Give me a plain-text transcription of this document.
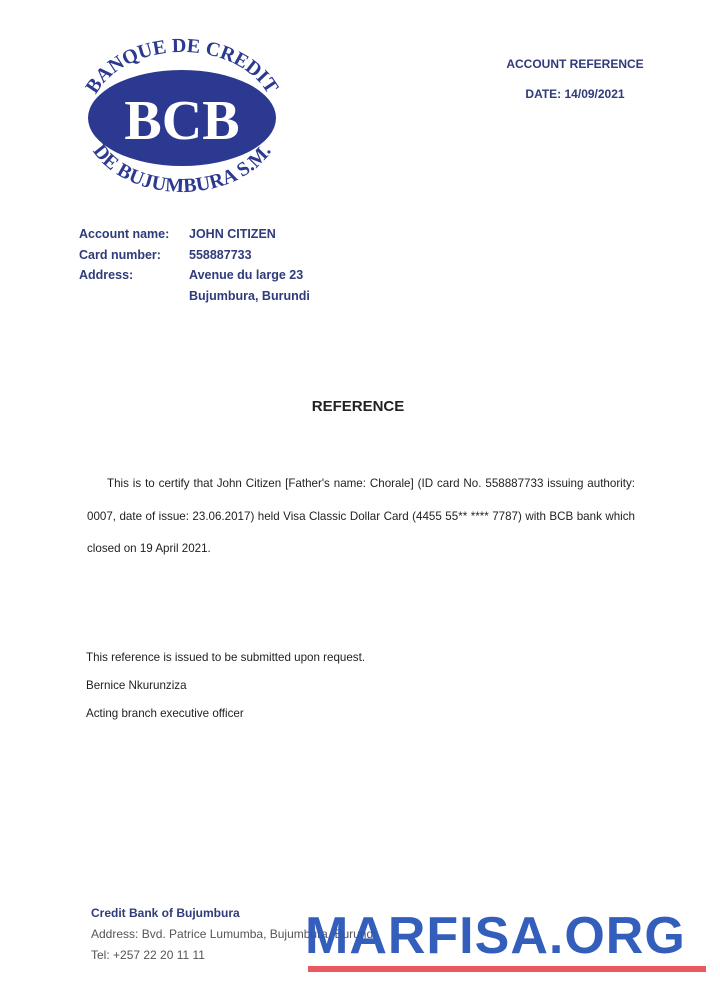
BANQUE DE CREDIT
BCB
DE BUJUMBURA S.M.
ACCOUNT REFERENCE
DATE: 14/09/2021
Account name:	JOHN CITIZEN
Card number:	558887733
Address:	Avenue du large 23
Bujumbura, Burundi
REFERENCE

This is to certify that John Citizen [Father's name: Chorale] (ID card No. 558887733 issuing authority: 0007, date of issue: 23.06.2017) held Visa Classic Dollar Card (4455 55** **** 7787) with BCB bank which closed on 19 April 2021.

This reference is issued to be submitted upon request.
Bernice Nkurunziza
Acting branch executive officer
Credit Bank of Bujumbura
Address: Bvd. Patrice Lumumba, Bujumbura, Burundi
Tel: +257 22 20 11 11	MARFISA.ORG
